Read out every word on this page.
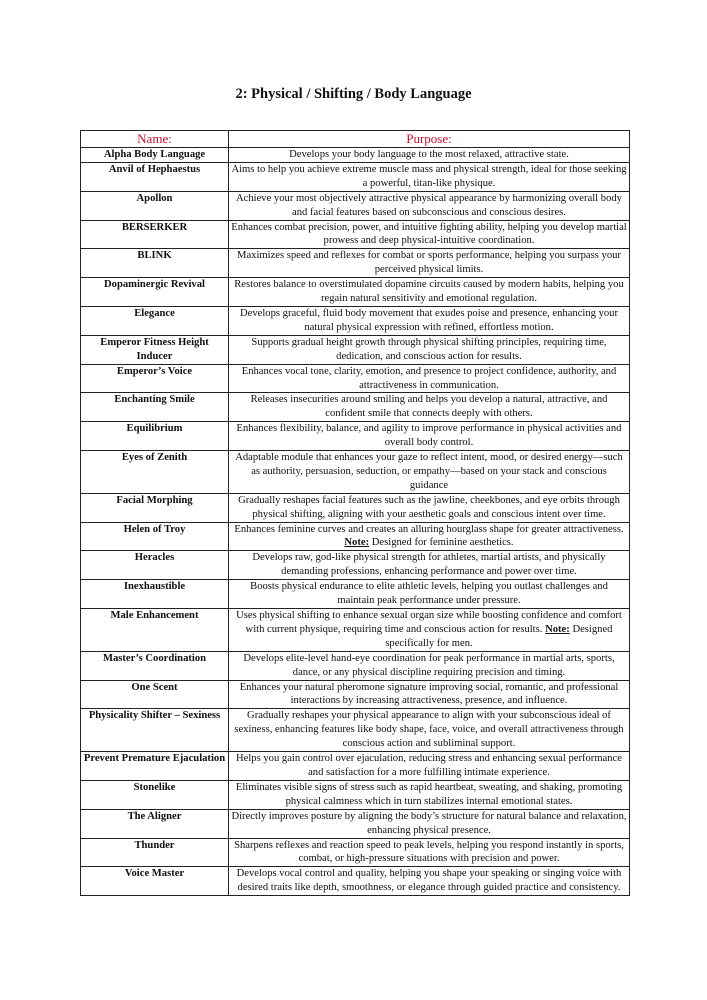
2: Physical / Shifting / Body Language
Name:	Purpose:
Alpha Body Language	Develops your body language to the most relaxed, attractive state.
Anvil of Hephaestus	Aims to help you achieve extreme muscle mass and physical strength, ideal for those seeking a powerful, titan-like physique.
Apollon	Achieve your most objectively attractive physical appearance by harmonizing overall body and facial features based on subconscious and conscious desires.
BERSERKER	Enhances combat precision, power, and intuitive fighting ability, helping you develop martial prowess and deep physical-intuitive coordination.
BLINK	Maximizes speed and reflexes for combat or sports performance, helping you surpass your perceived physical limits.
Dopaminergic Revival	Restores balance to overstimulated dopamine circuits caused by modern habits, helping you regain natural sensitivity and emotional regulation.
Elegance	Develops graceful, fluid body movement that exudes poise and presence, enhancing your natural physical expression with refined, effortless motion.
Emperor Fitness Height Inducer	Supports gradual height growth through physical shifting principles, requiring time, dedication, and conscious action for results.
Emperor’s Voice	Enhances vocal tone, clarity, emotion, and presence to project confidence, authority, and attractiveness in communication.
Enchanting Smile	Releases insecurities around smiling and helps you develop a natural, attractive, and confident smile that connects deeply with others.
Equilibrium	Enhances flexibility, balance, and agility to improve performance in physical activities and overall body control.
Eyes of Zenith	Adaptable module that enhances your gaze to reflect intent, mood, or desired energy—such as authority, persuasion, seduction, or empathy—based on your stack and conscious guidance
Facial Morphing	Gradually reshapes facial features such as the jawline, cheekbones, and eye orbits through physical shifting, aligning with your aesthetic goals and conscious intent over time.
Helen of Troy	Enhances feminine curves and creates an alluring hourglass shape for greater attractiveness. Note: Designed for feminine aesthetics.
Heracles	Develops raw, god-like physical strength for athletes, martial artists, and physically demanding professions, enhancing performance and power over time.
Inexhaustible	Boosts physical endurance to elite athletic levels, helping you outlast challenges and maintain peak performance under pressure.
Male Enhancement	Uses physical shifting to enhance sexual organ size while boosting confidence and comfort with current physique, requiring time and conscious action for results. Note: Designed specifically for men.
Master’s Coordination	Develops elite-level hand-eye coordination for peak performance in martial arts, sports, dance, or any physical discipline requiring precision and timing.
One Scent	Enhances your natural pheromone signature improving social, romantic, and professional interactions by increasing attractiveness, presence, and influence.
Physicality Shifter – Sexiness	Gradually reshapes your physical appearance to align with your subconscious ideal of sexiness, enhancing features like body shape, face, voice, and overall attractiveness through conscious action and subliminal support.
Prevent Premature Ejaculation	Helps you gain control over ejaculation, reducing stress and enhancing sexual performance and satisfaction for a more fulfilling intimate experience.
Stonelike	Eliminates visible signs of stress such as rapid heartbeat, sweating, and shaking, promoting physical calmness which in turn stabilizes internal emotional states.
The Aligner	Directly improves posture by aligning the body’s structure for natural balance and relaxation, enhancing physical presence.
Thunder	Sharpens reflexes and reaction speed to peak levels, helping you respond instantly in sports, combat, or high-pressure situations with precision and power.
Voice Master	Develops vocal control and quality, helping you shape your speaking or singing voice with desired traits like depth, smoothness, or elegance through guided practice and consistency.
